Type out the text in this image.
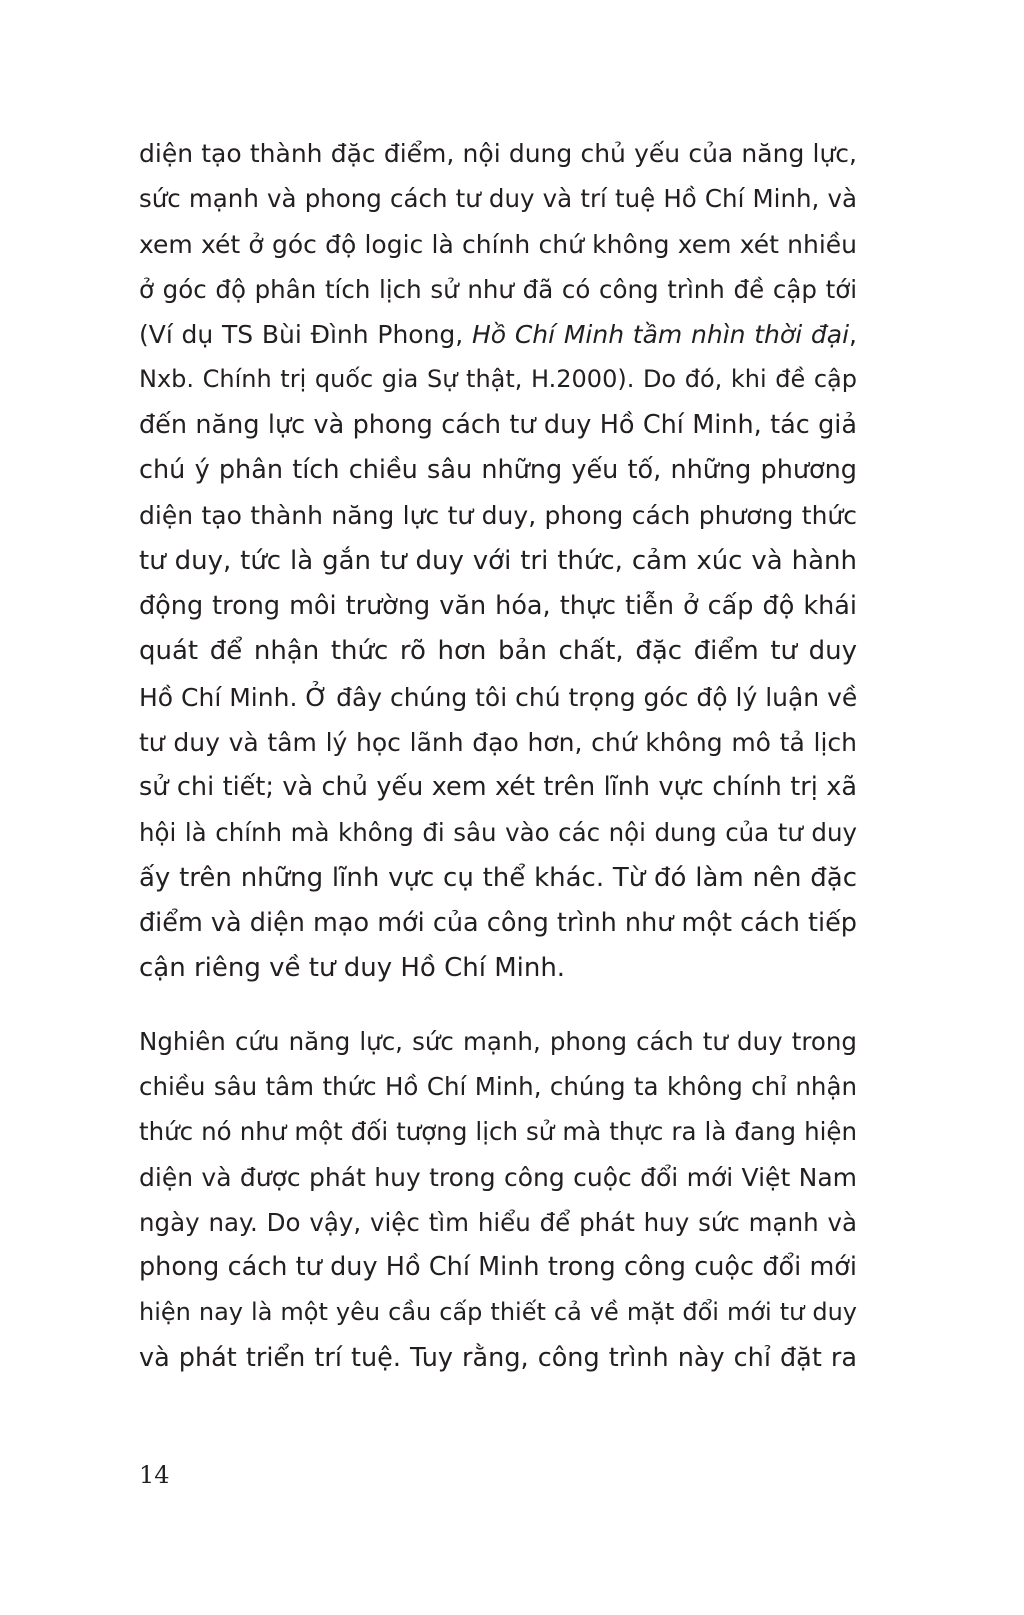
diện tạo thành đặc điểm, nội dung chủ yếu của năng lực,
sức mạnh và phong cách tư duy và trí tuệ Hồ Chí Minh, và
xem xét ở góc độ logic là chính chứ không xem xét nhiều
ở góc độ phân tích lịch sử như đã có công trình đề cập tới
(Ví dụ TS Bùi Đình Phong, Hồ Chí Minh tầm nhìn thời đại,
Nxb. Chính trị quốc gia Sự thật, H.2000). Do đó, khi đề cập
đến năng lực và phong cách tư duy Hồ Chí Minh, tác giả
chú ý phân tích chiều sâu những yếu tố, những phương
diện tạo thành năng lực tư duy, phong cách phương thức
tư duy, tức là gắn tư duy với tri thức, cảm xúc và hành
động trong môi trường văn hóa, thực tiễn ở cấp độ khái
quát để nhận thức rõ hơn bản chất, đặc điểm tư duy
Hồ Chí Minh. Ở đây chúng tôi chú trọng góc độ lý luận về
tư duy và tâm lý học lãnh đạo hơn, chứ không mô tả lịch
sử chi tiết; và chủ yếu xem xét trên lĩnh vực chính trị xã
hội là chính mà không đi sâu vào các nội dung của tư duy
ấy trên những lĩnh vực cụ thể khác. Từ đó làm nên đặc
điểm và diện mạo mới của công trình như một cách tiếp
cận riêng về tư duy Hồ Chí Minh.

Nghiên cứu năng lực, sức mạnh, phong cách tư duy trong
chiều sâu tâm thức Hồ Chí Minh, chúng ta không chỉ nhận
thức nó như một đối tượng lịch sử mà thực ra là đang hiện
diện và được phát huy trong công cuộc đổi mới Việt Nam
ngày nay. Do vậy, việc tìm hiểu để phát huy sức mạnh và
phong cách tư duy Hồ Chí Minh trong công cuộc đổi mới
hiện nay là một yêu cầu cấp thiết cả về mặt đổi mới tư duy
và phát triển trí tuệ. Tuy rằng, công trình này chỉ đặt ra

14
